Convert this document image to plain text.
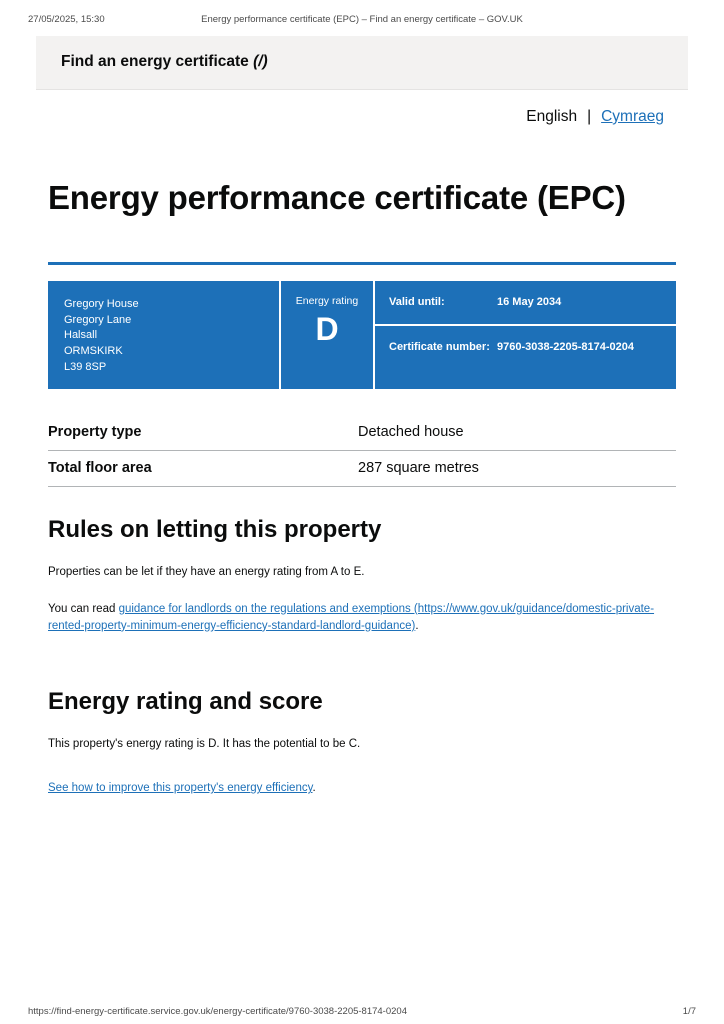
27/05/2025, 15:30	Energy performance certificate (EPC) – Find an energy certificate – GOV.UK
Find an energy certificate (/)
English | Cymraeg
Energy performance certificate (EPC)
Gregory House
Gregory Lane
Halsall
ORMSKIRK
L39 8SP
Energy rating
D
Valid until:	16 May 2034
Certificate number: 9760-3038-2205-8174-0204
Property type	Detached house
Total floor area	287 square metres
Rules on letting this property

Properties can be let if they have an energy rating from A to E.

You can read guidance for landlords on the regulations and exemptions (https://www.gov.uk/guidance/domestic-private-rented-property-minimum-energy-efficiency-standard-landlord-guidance).

Energy rating and score

This property's energy rating is D. It has the potential to be C.

See how to improve this property's energy efficiency.

https://find-energy-certificate.service.gov.uk/energy-certificate/9760-3038-2205-8174-0204	1/7
